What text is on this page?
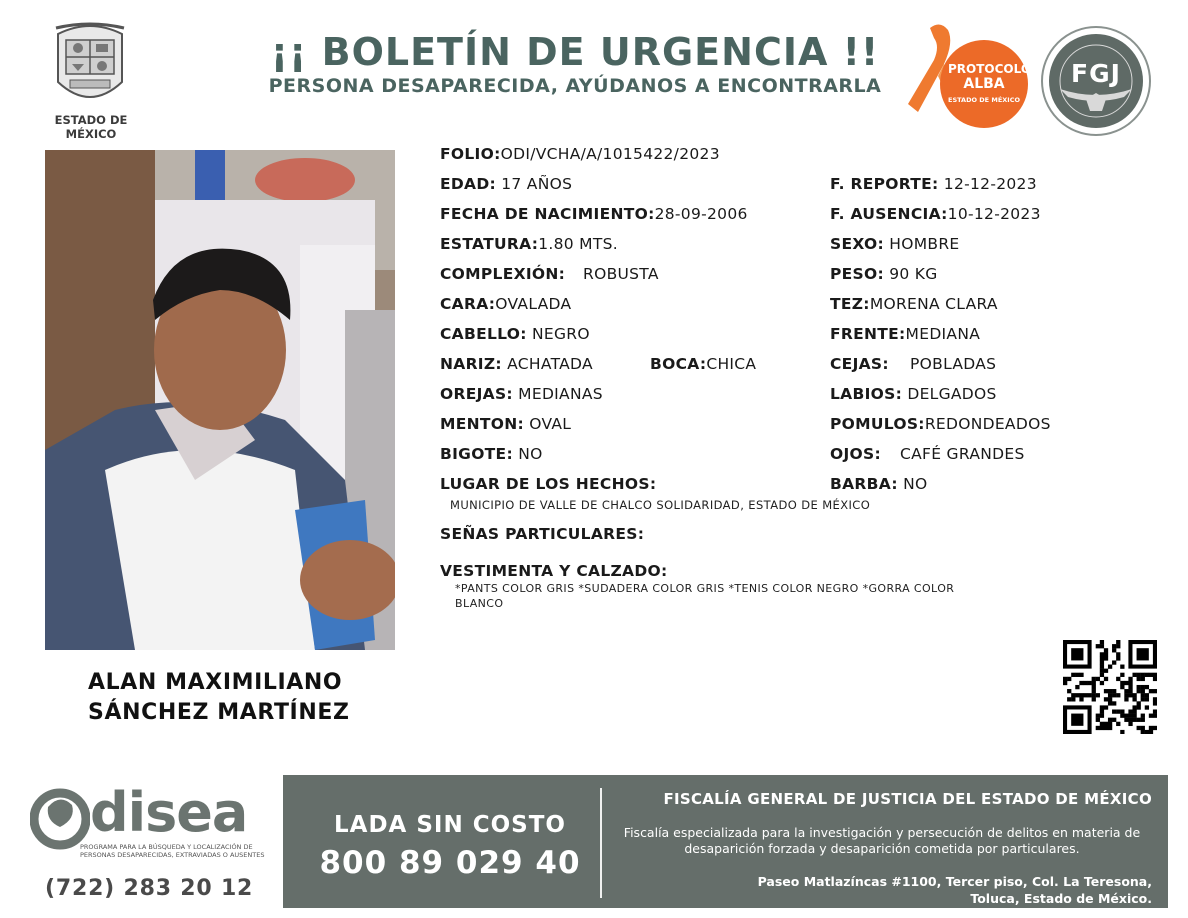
ESTADO DE MÉXICO
¡¡ BOLETÍN DE URGENCIA !!
PERSONA DESAPARECIDA, AYÚDANOS A ENCONTRARLA
PROTOCOLO
ALBA
ESTADO DE MÉXICO
FGJ
ALAN MAXIMILIANO
SÁNCHEZ MARTÍNEZ
FOLIO:ODI/VCHA/A/1015422/2023
EDAD: 17 AÑOS	F. REPORTE: 12-12-2023
FECHA DE NACIMIENTO:28-09-2006	F. AUSENCIA:10-12-2023
ESTATURA:1.80 MTS.	SEXO: HOMBRE
COMPLEXIÓN: ROBUSTA	PESO: 90 KG
CARA:OVALADA	TEZ:MORENA CLARA
CABELLO: NEGRO	FRENTE:MEDIANA
NARIZ: ACHATADA	BOCA:CHICA	CEJAS: POBLADAS
OREJAS: MEDIANAS	LABIOS: DELGADOS
MENTON: OVAL	POMULOS:REDONDEADOS
BIGOTE: NO	OJOS: CAFÉ GRANDES
LUGAR DE LOS HECHOS:	BARBA: NO
MUNICIPIO DE VALLE DE CHALCO SOLIDARIDAD, ESTADO DE MÉXICO
SEÑAS PARTICULARES:
VESTIMENTA Y CALZADO:
*PANTS COLOR GRIS *SUDADERA COLOR GRIS *TENIS COLOR NEGRO *GORRA COLOR
BLANCO
disea
PROGRAMA PARA LA BÚSQUEDA Y LOCALIZACIÓN DE PERSONAS DESAPARECIDAS, EXTRAVIADAS O AUSENTES
(722) 283 20 12
LADA SIN COSTO
800 89 029 40
FISCALÍA GENERAL DE JUSTICIA DEL ESTADO DE MÉXICO
Fiscalía especializada para la investigación y persecución de delitos en materia de desaparición forzada y desaparición cometida por particulares.
Paseo Matlazíncas #1100, Tercer piso, Col. La Teresona,
Toluca, Estado de México.
